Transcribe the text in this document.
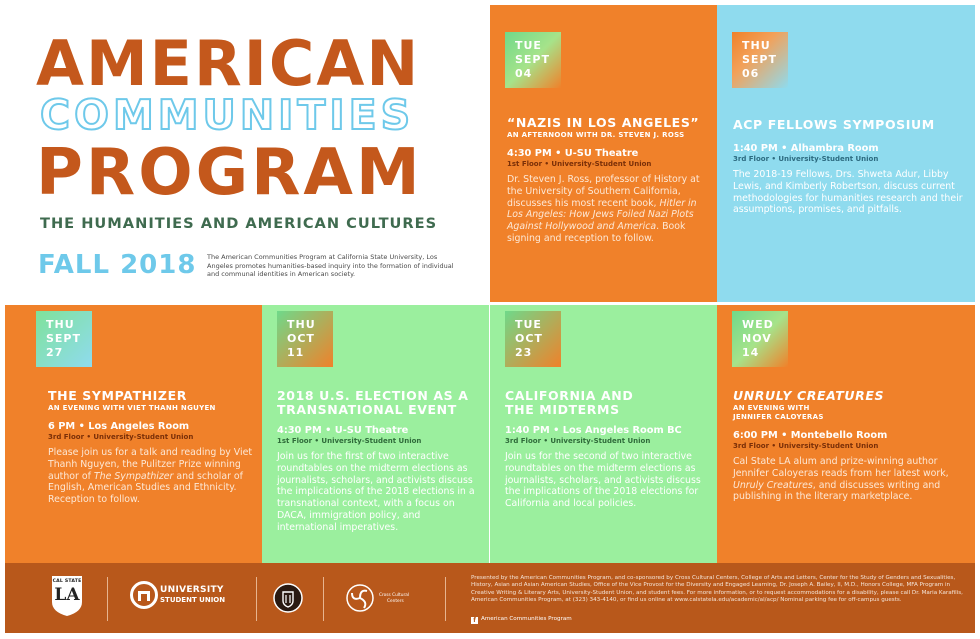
AMERICAN
COMMUNITIES
PROGRAM
THE HUMANITIES AND AMERICAN CULTURES
FALL 2018 The American Communities Program at California State University, Los Angeles promotes humanities-based inquiry into the formation of individual and communal identities in American society.
TUE
SEPT
04
“NAZIS IN LOS ANGELES”
AN AFTERNOON WITH DR. STEVEN J. ROSS
4:30 PM • U-SU Theatre
1st Floor • University-Student Union
Dr. Steven J. Ross, professor of History at the University of Southern California, discusses his most recent book, Hitler in Los Angeles: How Jews Foiled Nazi Plots Against Hollywood and America. Book signing and reception to follow.
THU
SEPT
06
ACP FELLOWS SYMPOSIUM
1:40 PM • Alhambra Room
3rd Floor • University-Student Union
The 2018-19 Fellows, Drs. Shweta Adur, Libby Lewis, and Kimberly Robertson, discuss current methodologies for humanities research and their assumptions, promises, and pitfalls.
THU
SEPT
27
THE SYMPATHIZER
AN EVENING WITH VIET THANH NGUYEN
6 PM • Los Angeles Room
3rd Floor • University-Student Union
Please join us for a talk and reading by Viet Thanh Nguyen, the Pulitzer Prize winning author of The Sympathizer and scholar of English, American Studies and Ethnicity. Reception to follow.
THU
OCT
11
2018 U.S. ELECTION AS A
TRANSNATIONAL EVENT
4:30 PM • U-SU Theatre
1st Floor • University-Student Union
Join us for the first of two interactive roundtables on the midterm elections as journalists, scholars, and activists discuss the implications of the 2018 elections in a transnational context, with a focus on DACA, immigration policy, and international imperatives.
TUE
OCT
23
CALIFORNIA AND
THE MIDTERMS
1:40 PM • Los Angeles Room BC
3rd Floor • University-Student Union
Join us for the second of two interactive roundtables on the midterm elections as journalists, scholars, and activists discuss the implications of the 2018 elections for California and local policies.
WED
NOV
14
UNRULY CREATURES
AN EVENING WITH
JENNIFER CALOYERAS
6:00 PM • Montebello Room
3rd Floor • University-Student Union
Cal State LA alum and prize-winning author Jennifer Caloyeras reads from her latest work, Unruly Creatures, and discusses writing and publishing in the literary marketplace.
CAL STATE
LA	UNIVERSITY
STUDENT UNION
Cross Cultural
Centers
Presented by the American Communities Program, and co-sponsored by Cross Cultural Centers, College of Arts and Letters, Center for the Study of Genders and Sexualities, History, Asian and Asian American Studies, Office of the Vice Provost for the Diversity and Engaged Learning, Dr. Joseph A. Bailey, II, M.D., Honors College, MFA Program in Creative Writing & Literary Arts, University-Student Union, and student fees. For more information, or to request accommodations for a disability, please call Dr. Maria Karafilis, American Communities Program, at (323) 343-4140, or find us online at www.calstatela.edu/academic/al/acp/ Nominal parking fee for off-campus guests.
f American Communities Program
